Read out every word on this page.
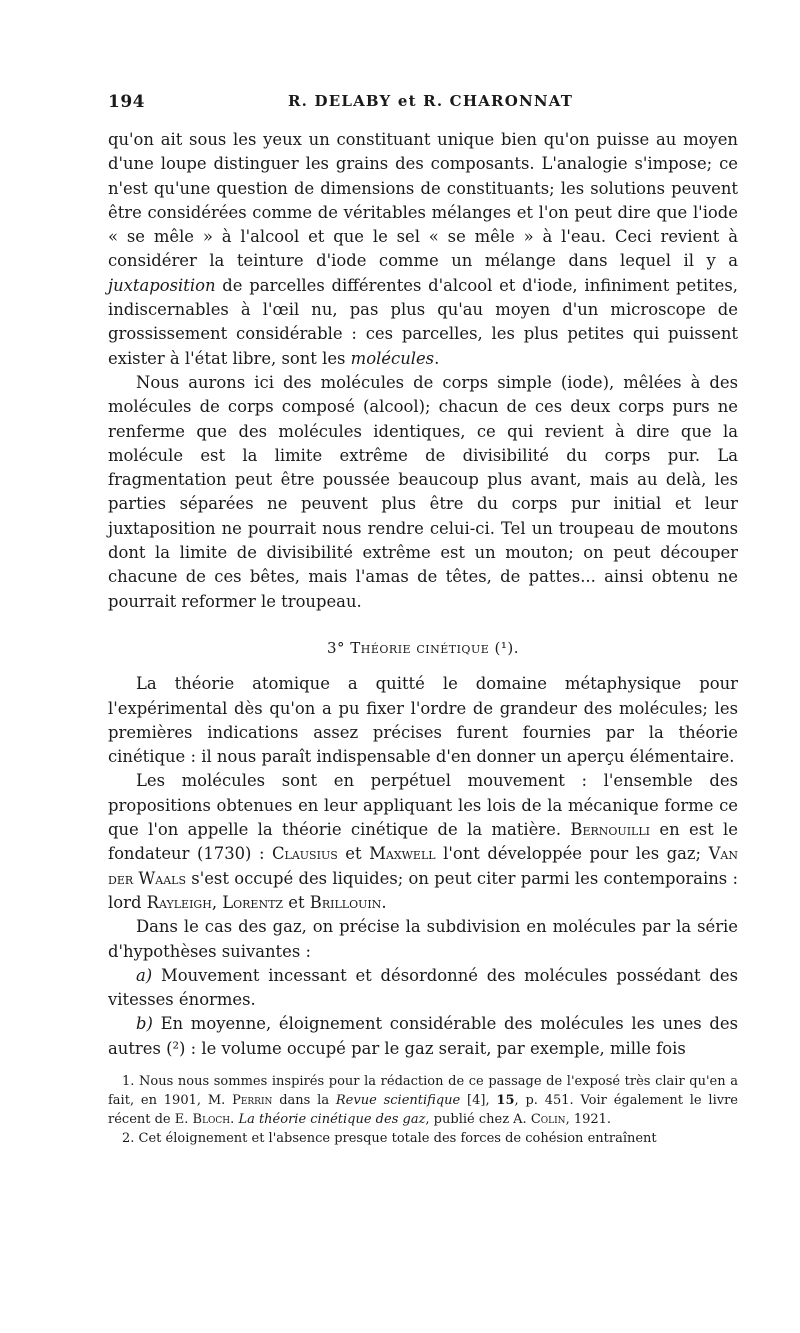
194	R. DELABY et R. CHARONNAT

qu'on ait sous les yeux un constituant unique bien qu'on puisse au moyen d'une loupe distinguer les grains des composants. L'analogie s'impose; ce n'est qu'une question de dimensions de constituants; les solutions peuvent être considérées comme de véritables mélanges et l'on peut dire que l'iode « se mêle » à l'alcool et que le sel « se mêle » à l'eau. Ceci revient à considérer la teinture d'iode comme un mélange dans lequel il y a juxtaposition de parcelles différentes d'alcool et d'iode, infiniment petites, indiscernables à l'œil nu, pas plus qu'au moyen d'un microscope de grossissement considérable : ces parcelles, les plus petites qui puissent exister à l'état libre, sont les molécules.

Nous aurons ici des molécules de corps simple (iode), mêlées à des molécules de corps composé (alcool); chacun de ces deux corps purs ne renferme que des molécules identiques, ce qui revient à dire que la molécule est la limite extrême de divisibilité du corps pur. La fragmentation peut être poussée beaucoup plus avant, mais au delà, les parties séparées ne peuvent plus être du corps pur initial et leur juxtaposition ne pourrait nous rendre celui-ci. Tel un troupeau de moutons dont la limite de divisibilité extrême est un mouton; on peut découper chacune de ces bêtes, mais l'amas de têtes, de pattes... ainsi obtenu ne pourrait reformer le troupeau.

3° Théorie cinétique (¹).

La théorie atomique a quitté le domaine métaphysique pour l'expérimental dès qu'on a pu fixer l'ordre de grandeur des molécules; les premières indications assez précises furent fournies par la théorie cinétique : il nous paraît indispensable d'en donner un aperçu élémentaire.

Les molécules sont en perpétuel mouvement : l'ensemble des propositions obtenues en leur appliquant les lois de la mécanique forme ce que l'on appelle la théorie cinétique de la matière. Bernouilli en est le fondateur (1730) : Clausius et Maxwell l'ont développée pour les gaz; Van der Waals s'est occupé des liquides; on peut citer parmi les contemporains : lord Rayleigh, Lorentz et Brillouin.

Dans le cas des gaz, on précise la subdivision en molécules par la série d'hypothèses suivantes :

a) Mouvement incessant et désordonné des molécules possédant des vitesses énormes.

b) En moyenne, éloignement considérable des molécules les unes des autres (²) : le volume occupé par le gaz serait, par exemple, mille fois

1. Nous nous sommes inspirés pour la rédaction de ce passage de l'exposé très clair qu'en a fait, en 1901, M. Perrin dans la Revue scientifique [4], 15, p. 451. Voir également le livre récent de E. Bloch. La théorie cinétique des gaz, publié chez A. Colin, 1921.

2. Cet éloignement et l'absence presque totale des forces de cohésion entraînent
